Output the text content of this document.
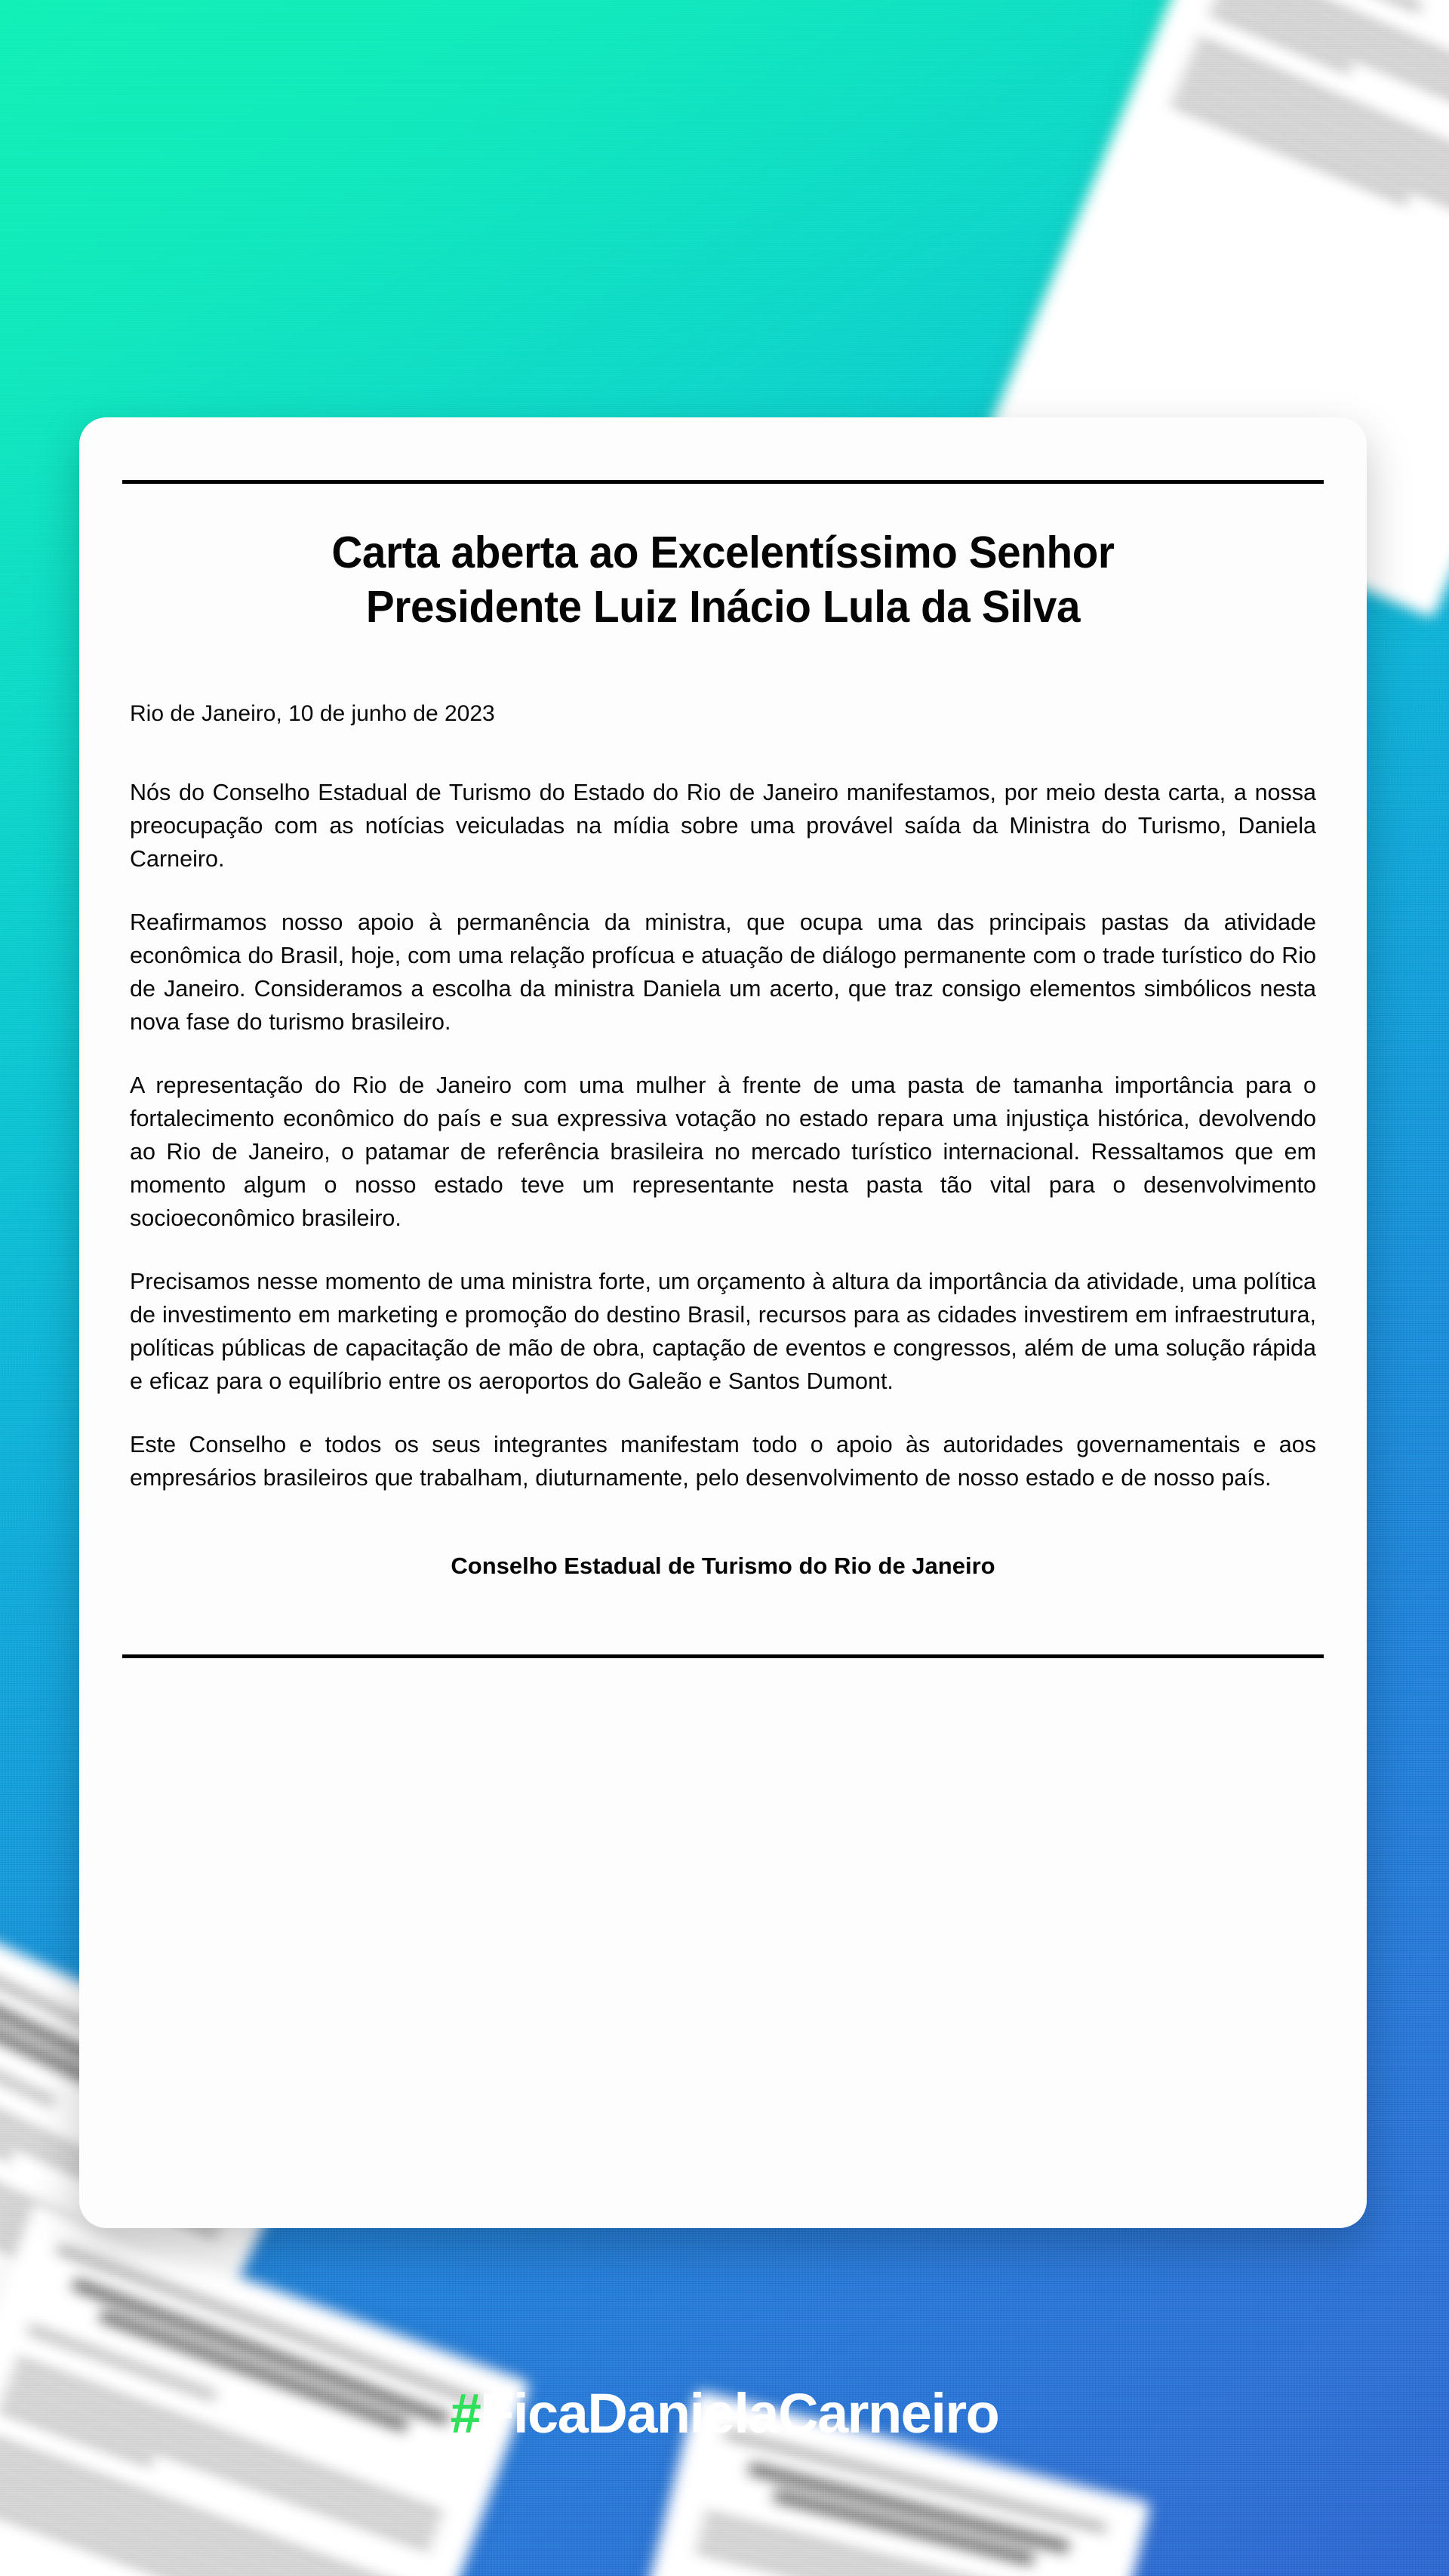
Carta aberta ao Excelentíssimo Senhor
Presidente Luiz Inácio Lula da Silva
Rio de Janeiro, 10 de junho de 2023

Nós do Conselho Estadual de Turismo do Estado do Rio de Janeiro manifestamos, por meio desta carta, a nossa preocupação com as notícias veiculadas na mídia sobre uma provável saída da Ministra do Turismo, Daniela Carneiro.

Reafirmamos nosso apoio à permanência da ministra, que ocupa uma das principais pastas da atividade econômica do Brasil, hoje, com uma relação profícua e atuação de diálogo permanente com o trade turístico do Rio de Janeiro. Consideramos a escolha da ministra Daniela um acerto, que traz consigo elementos simbólicos nesta nova fase do turismo brasileiro.

A representação do Rio de Janeiro com uma mulher à frente de uma pasta de tamanha importância para o fortalecimento econômico do país e sua expressiva votação no estado repara uma injustiça histórica, devolvendo ao Rio de Janeiro, o patamar de referência brasileira no mercado turístico internacional. Ressaltamos que em momento algum o nosso estado teve um representante nesta pasta tão vital para o desenvolvimento socioeconômico brasileiro.

Precisamos nesse momento de uma ministra forte, um orçamento à altura da importância da atividade, uma política de investimento em marketing e promoção do destino Brasil, recursos para as cidades investirem em infraestrutura, políticas públicas de capacitação de mão de obra, captação de eventos e congressos, além de uma solução rápida e eficaz para o equilíbrio entre os aeroportos do Galeão e Santos Dumont.

Este Conselho e todos os seus integrantes manifestam todo o apoio às autoridades governamentais e aos empresários brasileiros que trabalham, diuturnamente, pelo desenvolvimento de nosso estado e de nosso país.

Conselho Estadual de Turismo do Rio de Janeiro
#FicaDanielaCarneiro
